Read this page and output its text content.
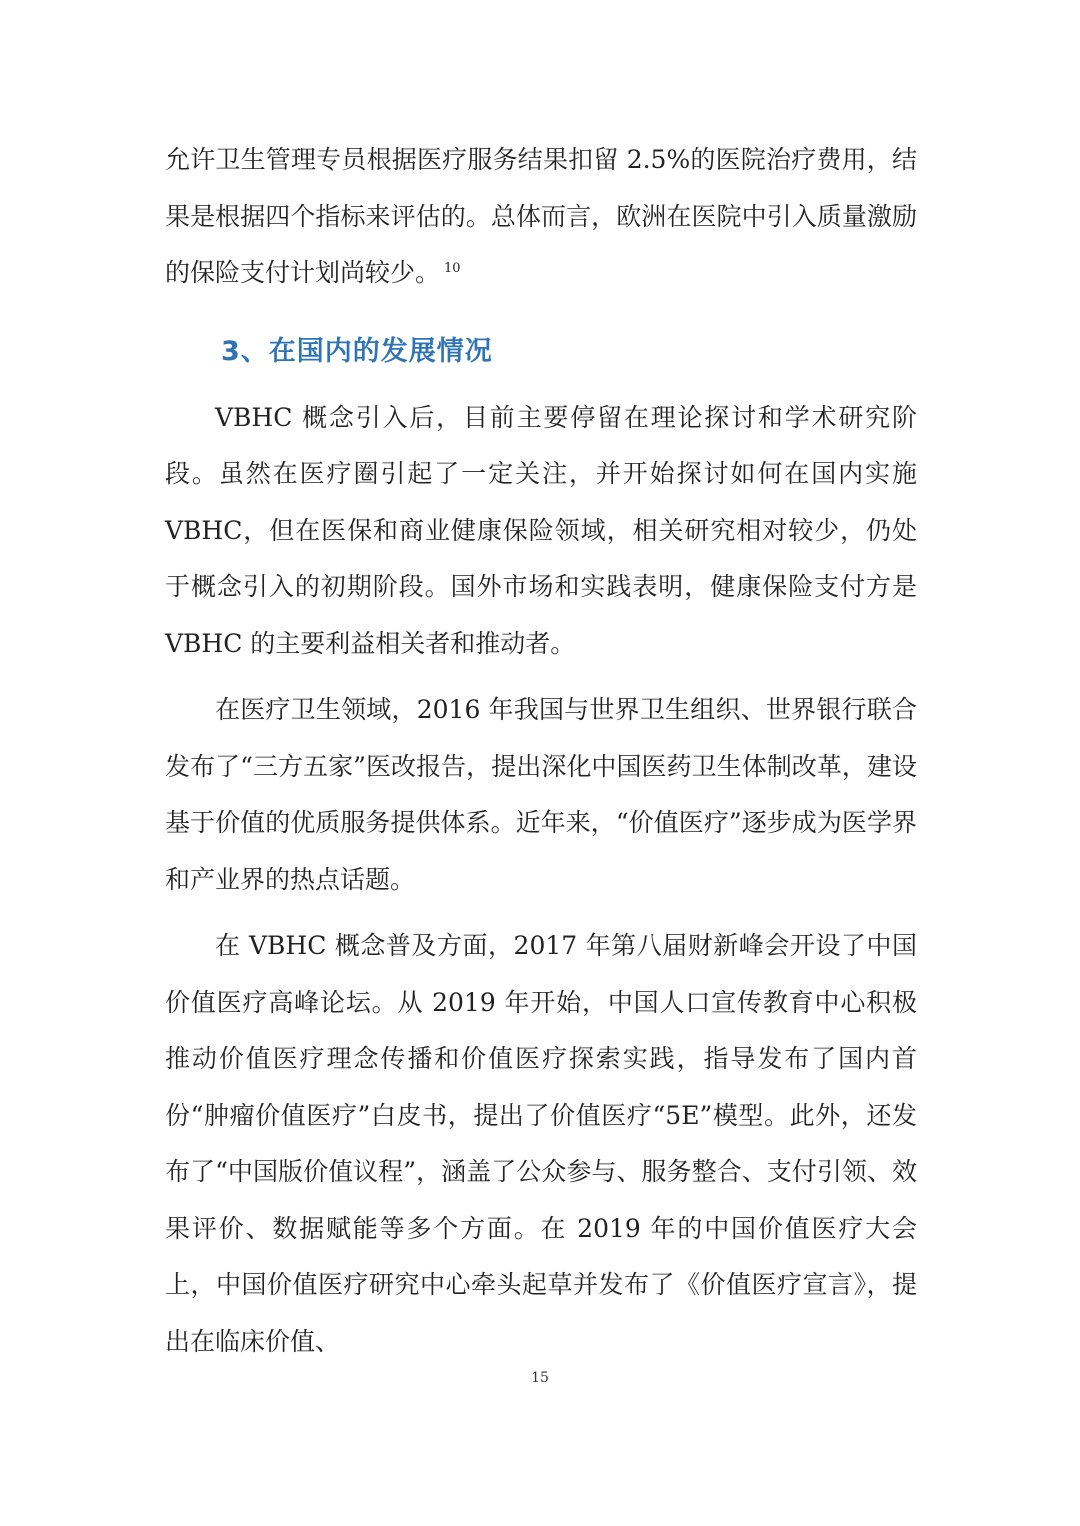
允许卫生管理专员根据医疗服务结果扣留 2.5%的医院治疗费用，结果是根据四个指标来评估的。总体而言，欧洲在医院中引入质量激励的保险支付计划尚较少。 $^{10}$

3、在国内的发展情况

VBHC 概念引入后，目前主要停留在理论探讨和学术研究阶段。虽然在医疗圈引起了一定关注，并开始探讨如何在国内实施 VBHC，但在医保和商业健康保险领域，相关研究相对较少，仍处于概念引入的初期阶段。国外市场和实践表明，健康保险支付方是 VBHC 的主要利益相关者和推动者。

在医疗卫生领域，2016 年我国与世界卫生组织、世界银行联合发布了“三方五家”医改报告，提出深化中国医药卫生体制改革，建设基于价值的优质服务提供体系。近年来，“价值医疗”逐步成为医学界和产业界的热点话题。

在 VBHC 概念普及方面，2017 年第八届财新峰会开设了中国价值医疗高峰论坛。从 2019 年开始，中国人口宣传教育中心积极推动价值医疗理念传播和价值医疗探索实践，指导发布了国内首份“肿瘤价值医疗”白皮书，提出了价值医疗“5E”模型。此外，还发布了“中国版价值议程”，涵盖了公众参与、服务整合、支付引领、效果评价、数据赋能等多个方面。在 2019 年的中国价值医疗大会上，中国价值医疗研究中心牵头起草并发布了《价值医疗宣言》，提出在临床价值、

15
